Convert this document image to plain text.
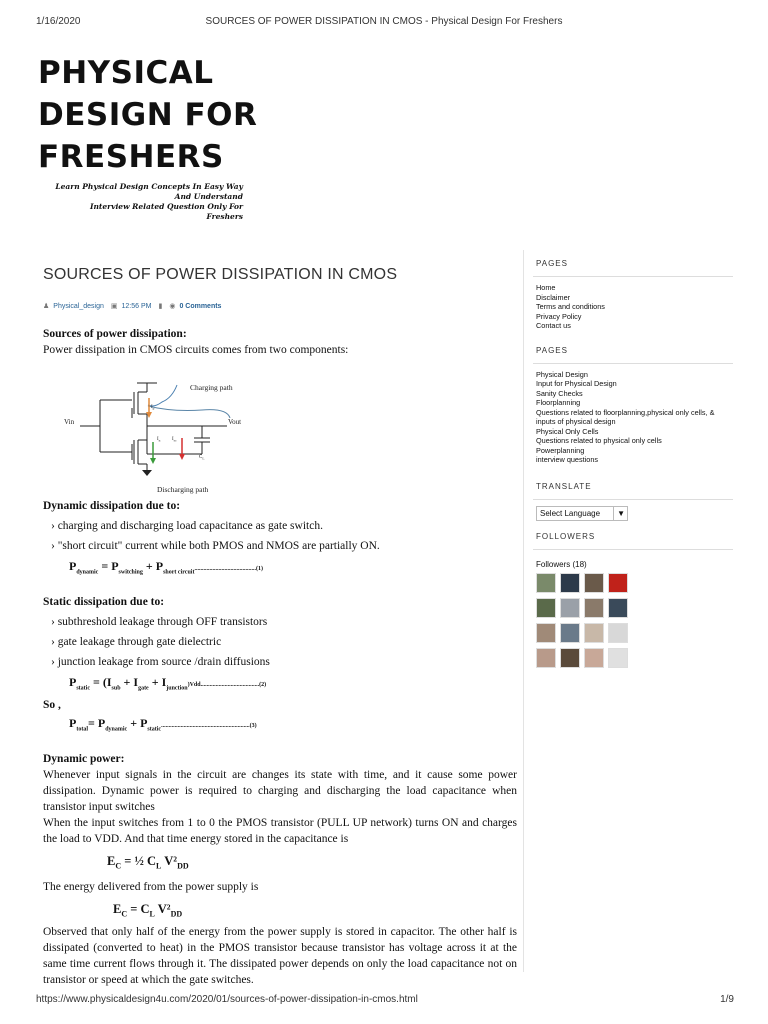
1/16/2020	SOURCES OF POWER DISSIPATION IN CMOS - Physical Design For Freshers
PHYSICAL
DESIGN FOR
FRESHERS
Learn Physical Design Concepts In Easy Way And Understand
Interview Related Question Only For Freshers
SOURCES OF POWER DISSIPATION IN CMOS
♟ Physical_design ▣ 12:56 PM ▮ ◉ 0 Comments
Sources of power dissipation:
Power dissipation in CMOS circuits comes from two components:
Dynamic dissipation due to:
› charging and discharging load capacitance as gate switch.
› "short circuit" current while both PMOS and NMOS are partially ON.
$P_{dynamic} = P_{switching} + P_{short circuit}.........................................(1)$
Static dissipation due to:
› subthreshold leakage through OFF transistors
› gate leakage through gate dielectric
› junction leakage from source /drain diffusions
$P_{static} = (I_{sub} + I_{gate} + I_{junction})Vdd.......................................(2)$
So ,
$P_{total}= P_{dynamic} + P_{static}...........................................................(3)$
Dynamic power:
Whenever input signals in the circuit are changes its state with time, and it cause some power dissipation. Dynamic power is required to charging and discharging the load capacitance when transistor input switches
When the input switches from 1 to 0 the PMOS transistor (PULL UP network) turns ON and charges the load to VDD. And that time energy stored in the capacitance is
$E_C$ = ½ $C_L$ $V^2_{DD}$
The energy delivered from the power supply is
$E_C = C_L$ $V^2_{DD}$
Observed that only half of the energy from the power supply is stored in capacitor. The other half is dissipated (converted to heat) in the PMOS transistor because transistor has voltage across it at the same time current flows through it. The dissipated power depends on only the load capacitance not on transistor or speed at which the gate switches.
Charging path
Discharging path
Vin	Vout
$I_p$
$I_n$ $I_{sc}$
$C_L$
PAGES
Home
Disclaimer
Terms and conditions
Privacy Policy
Contact us
PAGES
Physical Design
Input for Physical Design
Sanity Checks
Floorplanning
Questions related to floorplanning,physical only cells, & inputs of physical design
Physical Only Cells
Questions related to physical only cells
Powerplanning
interview questions
TRANSLATE
Select Language	▼
FOLLOWERS
Followers (18)
https://www.physicaldesign4u.com/2020/01/sources-of-power-dissipation-in-cmos.html	1/9
